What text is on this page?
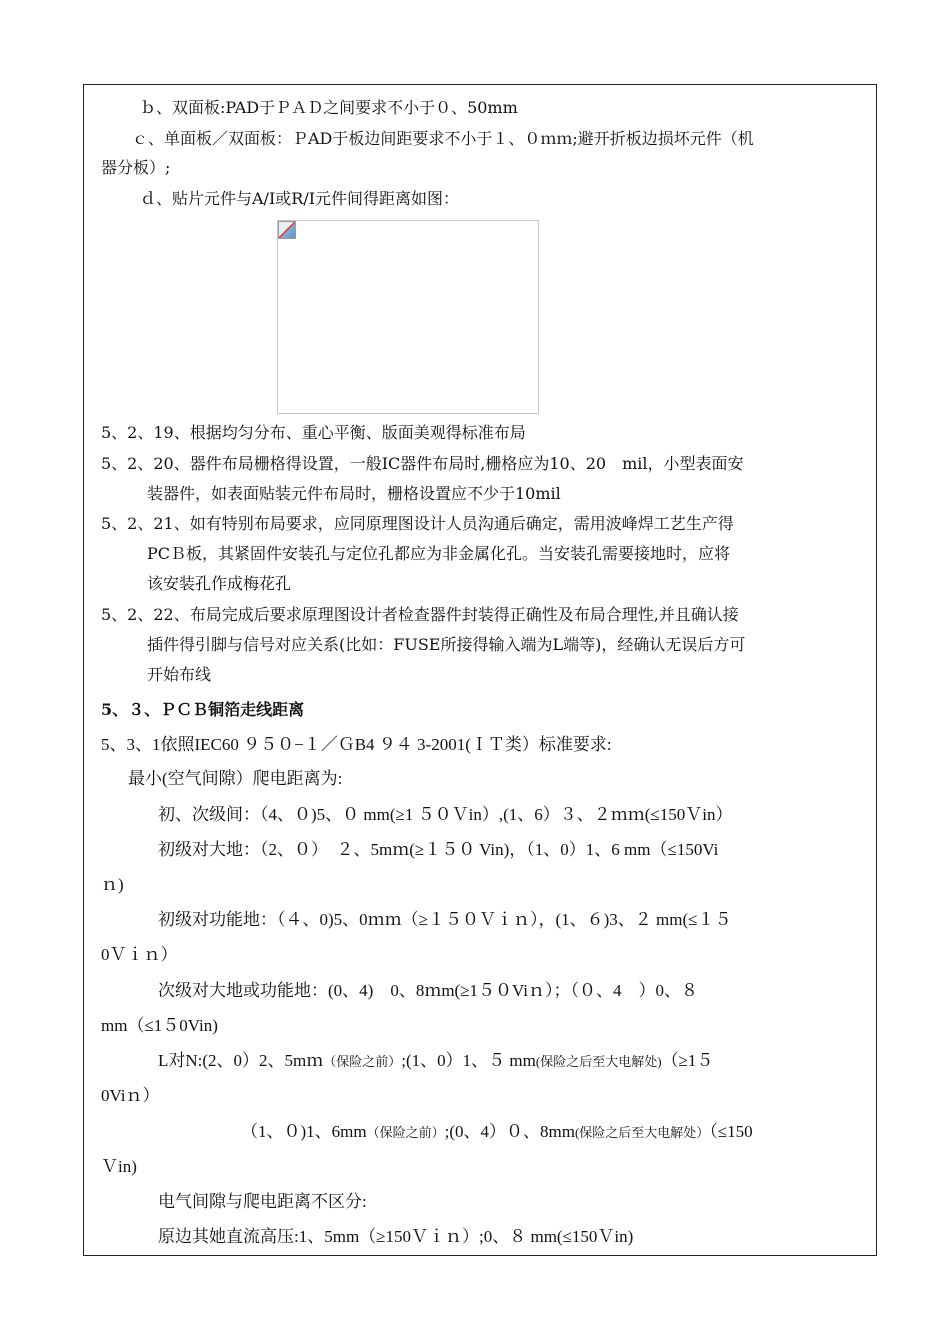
ｂ、双面板:PAD于ＰＡＤ之间要求不小于０、50mm
ｃ、单面板／双面板：ＰAD于板边间距要求不小于１、０ｍｍ;避开折板边损坏元件（机
器分板）;
ｄ、贴片元件与A/I或R/I元件间得距离如图：
5、2、19、根据均匀分布、重心平衡、版面美观得标准布局
5、2、20、器件布局栅格得设置，一般IC器件布局时,栅格应为10、20　mil，小型表面安
装器件，如表面贴装元件布局时，栅格设置应不少于10mil
5、2、21、如有特别布局要求，应同原理图设计人员沟通后确定，需用波峰焊工艺生产得
PCＢ板，其紧固件安装孔与定位孔都应为非金属化孔。当安装孔需要接地时，应将
该安装孔作成梅花孔
5、2、22、布局完成后要求原理图设计者检查器件封装得正确性及布局合理性,并且确认接
插件得引脚与信号对应关系(比如：FUSE所接得输入端为L端等)，经确认无误后方可
开始布线
5、３、ＰＣＢ铜箔走线距离
5、3、1依照IEC60 ９５０−１／ＧB4 ９４ 3-2001(ＩＴ类）标准要求:
最小(空气间隙）爬电距离为:
初、次级间：（4、０)5、０ mm(≥1 ５０Ｖin）,(1、6）３、２ｍｍ(≤150Ｖin）
初级对大地：（2、０）　２、5mｍ(≥１５０ Vin)，（1、0）1、6 mm（≤150Vi
ｎ)
初级对功能地：（４、0)5、0ｍｍ（≥１５０Ｖｉｎ），(1、６)3、２ mm(≤１５
0Ｖｉｎ）
次级对大地或功能地：(0、4)　0、8ｍm(≥1５０Viｎ）；（０、4　）0、８
mm（≤1５0Vin)
L对N:(2、0）2、5mｍ（保险之前）;(1、0）1、５ mm(保险之后至大电解处)（≥1５
0Viｎ）
（1、０)1、6mm（保险之前）;(0、4）０、8mm(保险之后至大电解处）（≤150
Ｖin)
电气间隙与爬电距离不区分:
原边其她直流高压:1、5mm（≥150Ｖｉｎ）;0、８ mm(≤150Ｖin)
